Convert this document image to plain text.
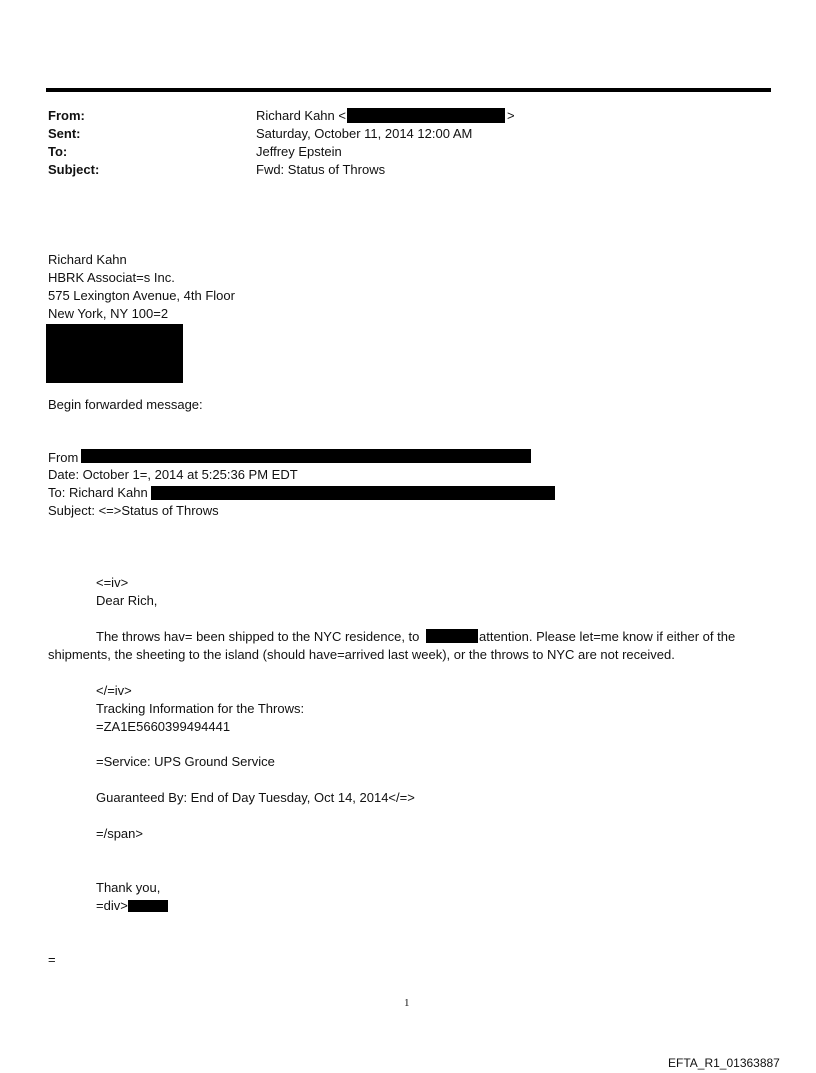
From:	Richard Kahn <	>
Sent:	Saturday, October 11, 2014 12:00 AM
To:	Jeffrey Epstein
Subject:	Fwd: Status of Throws
Richard Kahn
HBRK Associat=s Inc.
575 Lexington Avenue, 4th Floor
New York, NY 100=2
Begin forwarded message:
From
Date: October 1=, 2014 at 5:25:36 PM EDT
To: Richard Kahn
Subject: <=>Status of Throws
<=iv>
Dear Rich,
The throws hav= been shipped to the NYC residence, to	attention. Please let=me know if either of the
shipments, the sheeting to the island (should have=arrived last week), or the throws to NYC are not received.
</=iv>
Tracking Information for the Throws:
=ZA1E5660399494441
=Service: UPS Ground Service
Guaranteed By: End of Day Tuesday, Oct 14, 2014</=>
=/span>
Thank you,
=div>
=
1
EFTA_R1_01363887
